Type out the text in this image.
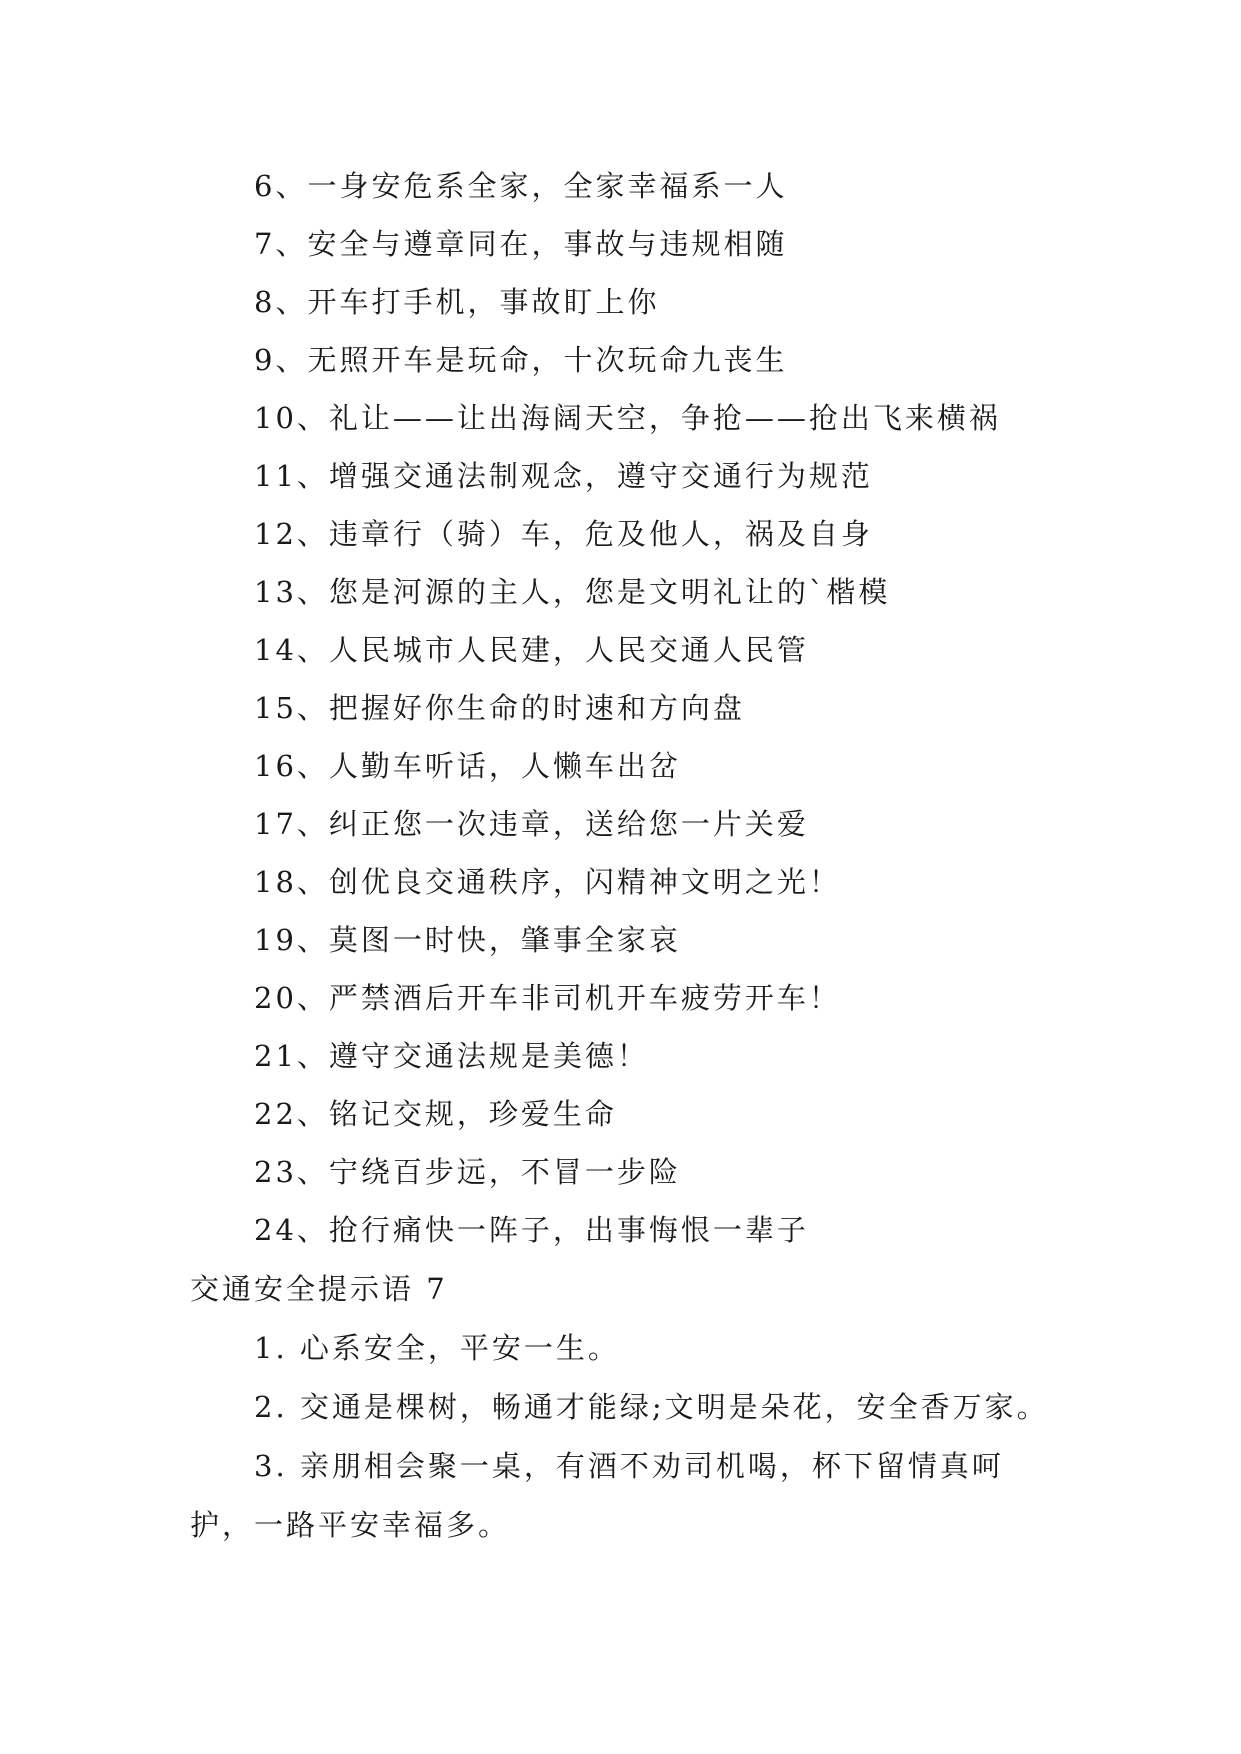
6、一身安危系全家，全家幸福系一人

7、安全与遵章同在，事故与违规相随

8、开车打手机，事故盯上你

9、无照开车是玩命，十次玩命九丧生

10、礼让——让出海阔天空，争抢——抢出飞来横祸

11、增强交通法制观念，遵守交通行为规范

12、违章行（骑）车，危及他人，祸及自身

13、您是河源的主人，您是文明礼让的`楷模

14、人民城市人民建，人民交通人民管

15、把握好你生命的时速和方向盘

16、人勤车听话，人懒车出岔

17、纠正您一次违章，送给您一片关爱

18、创优良交通秩序，闪精神文明之光！

19、莫图一时快，肇事全家哀

20、严禁酒后开车非司机开车疲劳开车！

21、遵守交通法规是美德！

22、铭记交规，珍爱生命

23、宁绕百步远，不冒一步险

24、抢行痛快一阵子，出事悔恨一辈子

交通安全提示语 7

1. 心系安全，平安一生。

2. 交通是棵树，畅通才能绿;文明是朵花，安全香万家。

3. 亲朋相会聚一桌，有酒不劝司机喝，杯下留情真呵

护，一路平安幸福多。
